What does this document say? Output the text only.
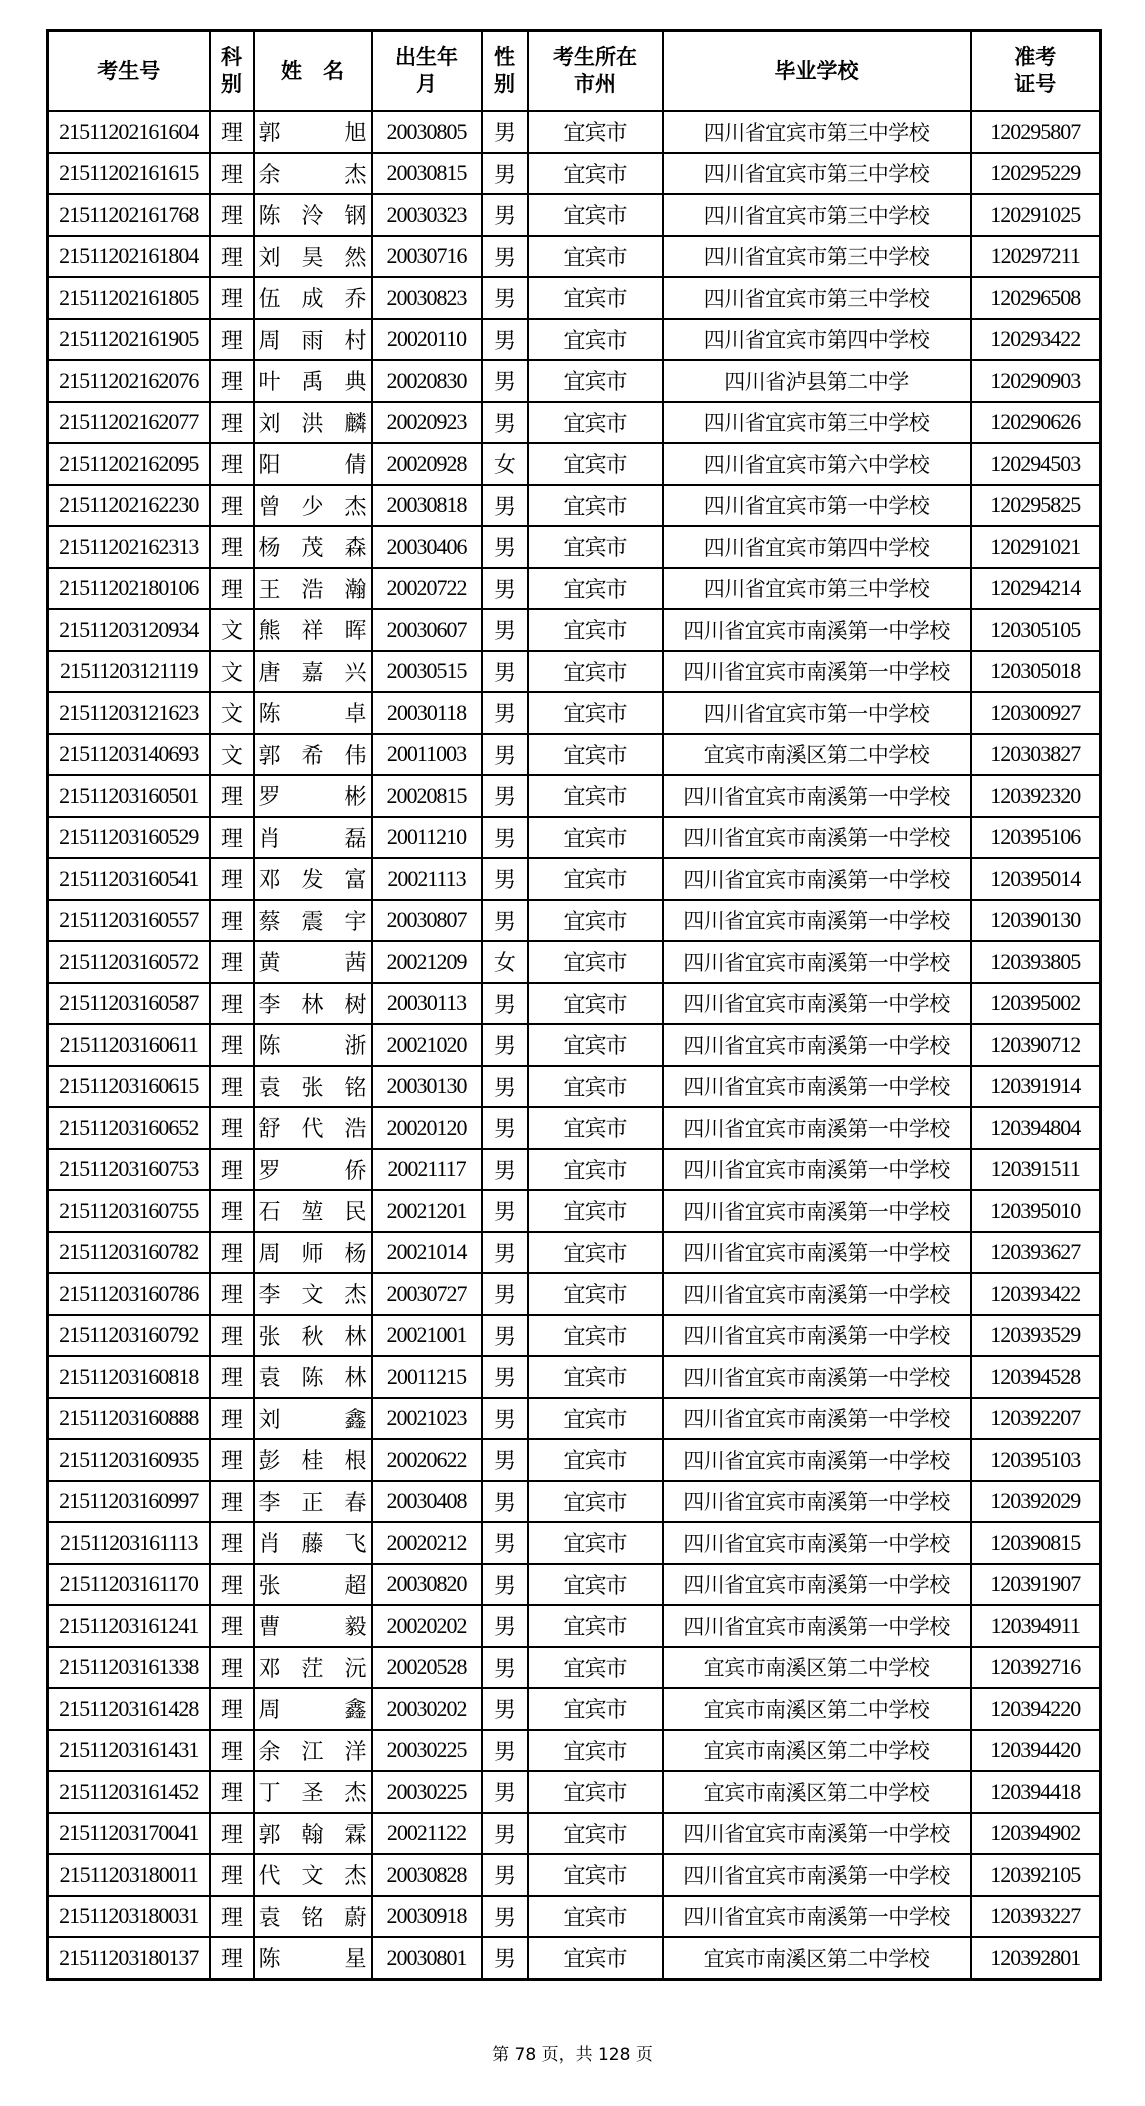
考生号	科别	姓　名	出生年月	性别	考生所在市州	毕业学校	准考证号
21511202161604	理	郭旭	20030805	男	宜宾市	四川省宜宾市第三中学校	120295807
21511202161615	理	余杰	20030815	男	宜宾市	四川省宜宾市第三中学校	120295229
21511202161768	理	陈泠钢	20030323	男	宜宾市	四川省宜宾市第三中学校	120291025
21511202161804	理	刘昊然	20030716	男	宜宾市	四川省宜宾市第三中学校	120297211
21511202161805	理	伍成乔	20030823	男	宜宾市	四川省宜宾市第三中学校	120296508
21511202161905	理	周雨村	20020110	男	宜宾市	四川省宜宾市第四中学校	120293422
21511202162076	理	叶禹典	20020830	男	宜宾市	四川省泸县第二中学	120290903
21511202162077	理	刘洪麟	20020923	男	宜宾市	四川省宜宾市第三中学校	120290626
21511202162095	理	阳倩	20020928	女	宜宾市	四川省宜宾市第六中学校	120294503
21511202162230	理	曾少杰	20030818	男	宜宾市	四川省宜宾市第一中学校	120295825
21511202162313	理	杨茂森	20030406	男	宜宾市	四川省宜宾市第四中学校	120291021
21511202180106	理	王浩瀚	20020722	男	宜宾市	四川省宜宾市第三中学校	120294214
21511203120934	文	熊祥晖	20030607	男	宜宾市	四川省宜宾市南溪第一中学校	120305105
21511203121119	文	唐嘉兴	20030515	男	宜宾市	四川省宜宾市南溪第一中学校	120305018
21511203121623	文	陈卓	20030118	男	宜宾市	四川省宜宾市第一中学校	120300927
21511203140693	文	郭希伟	20011003	男	宜宾市	宜宾市南溪区第二中学校	120303827
21511203160501	理	罗彬	20020815	男	宜宾市	四川省宜宾市南溪第一中学校	120392320
21511203160529	理	肖磊	20011210	男	宜宾市	四川省宜宾市南溪第一中学校	120395106
21511203160541	理	邓发富	20021113	男	宜宾市	四川省宜宾市南溪第一中学校	120395014
21511203160557	理	蔡震宇	20030807	男	宜宾市	四川省宜宾市南溪第一中学校	120390130
21511203160572	理	黄茜	20021209	女	宜宾市	四川省宜宾市南溪第一中学校	120393805
21511203160587	理	李林树	20030113	男	宜宾市	四川省宜宾市南溪第一中学校	120395002
21511203160611	理	陈浙	20021020	男	宜宾市	四川省宜宾市南溪第一中学校	120390712
21511203160615	理	袁张铭	20030130	男	宜宾市	四川省宜宾市南溪第一中学校	120391914
21511203160652	理	舒代浩	20020120	男	宜宾市	四川省宜宾市南溪第一中学校	120394804
21511203160753	理	罗侨	20021117	男	宜宾市	四川省宜宾市南溪第一中学校	120391511
21511203160755	理	石堃民	20021201	男	宜宾市	四川省宜宾市南溪第一中学校	120395010
21511203160782	理	周师杨	20021014	男	宜宾市	四川省宜宾市南溪第一中学校	120393627
21511203160786	理	李文杰	20030727	男	宜宾市	四川省宜宾市南溪第一中学校	120393422
21511203160792	理	张秋林	20021001	男	宜宾市	四川省宜宾市南溪第一中学校	120393529
21511203160818	理	袁陈林	20011215	男	宜宾市	四川省宜宾市南溪第一中学校	120394528
21511203160888	理	刘鑫	20021023	男	宜宾市	四川省宜宾市南溪第一中学校	120392207
21511203160935	理	彭桂根	20020622	男	宜宾市	四川省宜宾市南溪第一中学校	120395103
21511203160997	理	李正春	20030408	男	宜宾市	四川省宜宾市南溪第一中学校	120392029
21511203161113	理	肖藤飞	20020212	男	宜宾市	四川省宜宾市南溪第一中学校	120390815
21511203161170	理	张超	20030820	男	宜宾市	四川省宜宾市南溪第一中学校	120391907
21511203161241	理	曹毅	20020202	男	宜宾市	四川省宜宾市南溪第一中学校	120394911
21511203161338	理	邓茳沅	20020528	男	宜宾市	宜宾市南溪区第二中学校	120392716
21511203161428	理	周鑫	20030202	男	宜宾市	宜宾市南溪区第二中学校	120394220
21511203161431	理	余江洋	20030225	男	宜宾市	宜宾市南溪区第二中学校	120394420
21511203161452	理	丁圣杰	20030225	男	宜宾市	宜宾市南溪区第二中学校	120394418
21511203170041	理	郭翰霖	20021122	男	宜宾市	四川省宜宾市南溪第一中学校	120394902
21511203180011	理	代文杰	20030828	男	宜宾市	四川省宜宾市南溪第一中学校	120392105
21511203180031	理	袁铭蔚	20030918	男	宜宾市	四川省宜宾市南溪第一中学校	120393227
21511203180137	理	陈星	20030801	男	宜宾市	宜宾市南溪区第二中学校	120392801
第 78 页，共 128 页
